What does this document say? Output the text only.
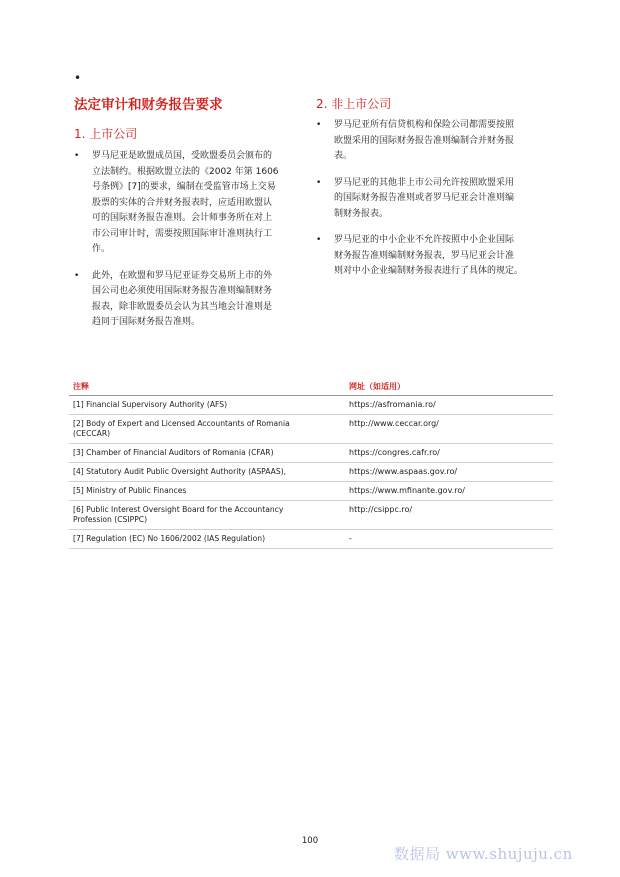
•
法定审计和财务报告要求
1. 上市公司
• 罗马尼亚是欧盟成员国，受欧盟委员会颁布的
立法制约。根据欧盟立法的《2002 年第 1606
号条例》[7]的要求，编制在受监管市场上交易
股票的实体的合并财务报表时，应适用欧盟认
可的国际财务报告准则。会计师事务所在对上
市公司审计时，需要按照国际审计准则执行工
作。
• 此外，在欧盟和罗马尼亚证券交易所上市的外
国公司也必须使用国际财务报告准则编制财务
报表，除非欧盟委员会认为其当地会计准则是
趋同于国际财务报告准则。
2. 非上市公司
• 罗马尼亚所有信贷机构和保险公司都需要按照
欧盟采用的国际财务报告准则编制合并财务报
表。
• 罗马尼亚的其他非上市公司允许按照欧盟采用
的国际财务报告准则或者罗马尼亚会计准则编
制财务报表。
• 罗马尼亚的中小企业不允许按照中小企业国际
财务报告准则编制财务报表，罗马尼亚会计准
则对中小企业编制财务报表进行了具体的规定。
注释	网址（如适用）
[1] Financial Supervisory Authority (AFS)	https://asfromania.ro/
[2] Body of Expert and Licensed Accountants of Romania
(CECCAR)	http://www.ceccar.org/
[3] Chamber of Financial Auditors of Romania (CFAR)	https://congres.cafr.ro/
[4] Statutory Audit Public Oversight Authority (ASPAAS),	https://www.aspaas.gov.ro/
[5] Ministry of Public Finances	https://www.mfinante.gov.ro/
[6] Public Interest Oversight Board for the Accountancy
Profession (CSIPPC)	http://csippc.ro/
[7] Regulation (EC) No 1606/2002 (IAS Regulation)	-
100
数据局 www.shujuju.cn
